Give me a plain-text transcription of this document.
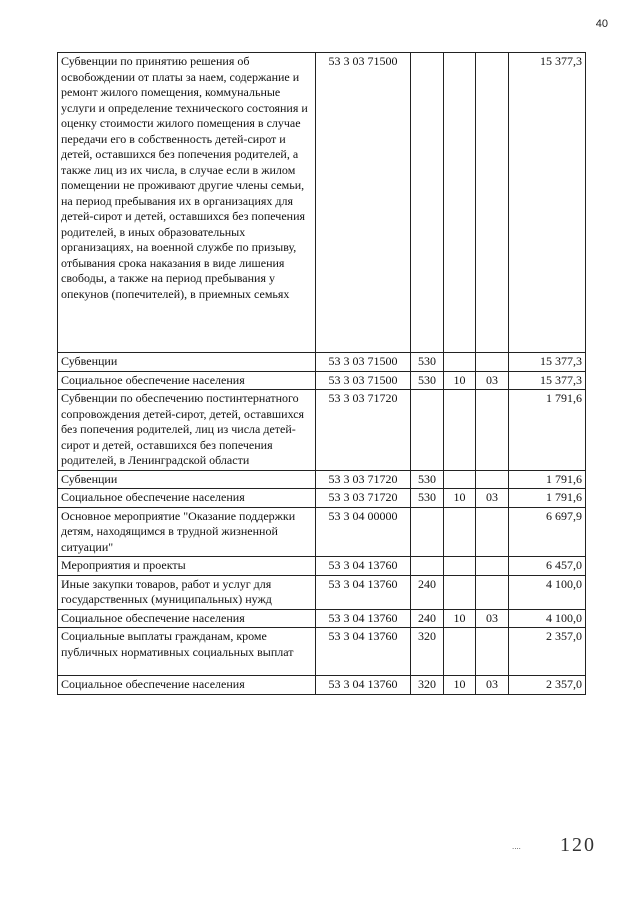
40
Субвенции по принятию решения об освобождении от платы за наем, содержание и ремонт жилого помещения, коммунальные услуги и определение технического состояния и оценку стоимости жилого помещения в случае передачи его в собственность детей-сирот и детей, оставшихся без попечения родителей, а также лиц из их числа, в случае если в жилом помещении не проживают другие члены семьи, на период пребывания их в организациях для детей-сирот и детей, оставшихся без попечения родителей, в иных образовательных организациях, на военной службе по призыву, отбывания срока наказания в виде лишения свободы, а также на период пребывания у опекунов (попечителей), в приемных семьях	53 3 03 71500				15 377,3
Субвенции	53 3 03 71500	530			15 377,3
Социальное обеспечение населения	53 3 03 71500	530	10	03	15 377,3
Субвенции по обеспечению постинтернатного сопровождения детей-сирот, детей, оставшихся без попечения родителей, лиц из числа детей-сирот и детей, оставшихся без попечения родителей, в Ленинградской области	53 3 03 71720				1 791,6
Субвенции	53 3 03 71720	530			1 791,6
Социальное обеспечение населения	53 3 03 71720	530	10	03	1 791,6
Основное мероприятие "Оказание поддержки детям, находящимся в трудной жизненной ситуации"	53 3 04 00000				6 697,9
Мероприятия и проекты	53 3 04 13760				6 457,0
Иные закупки товаров, работ и услуг для государственных (муниципальных) нужд	53 3 04 13760	240			4 100,0
Социальное обеспечение населения	53 3 04 13760	240	10	03	4 100,0
Социальные выплаты гражданам, кроме публичных нормативных социальных выплат	53 3 04 13760	320			2 357,0
Социальное обеспечение населения	53 3 04 13760	320	10	03	2 357,0
.... 120
